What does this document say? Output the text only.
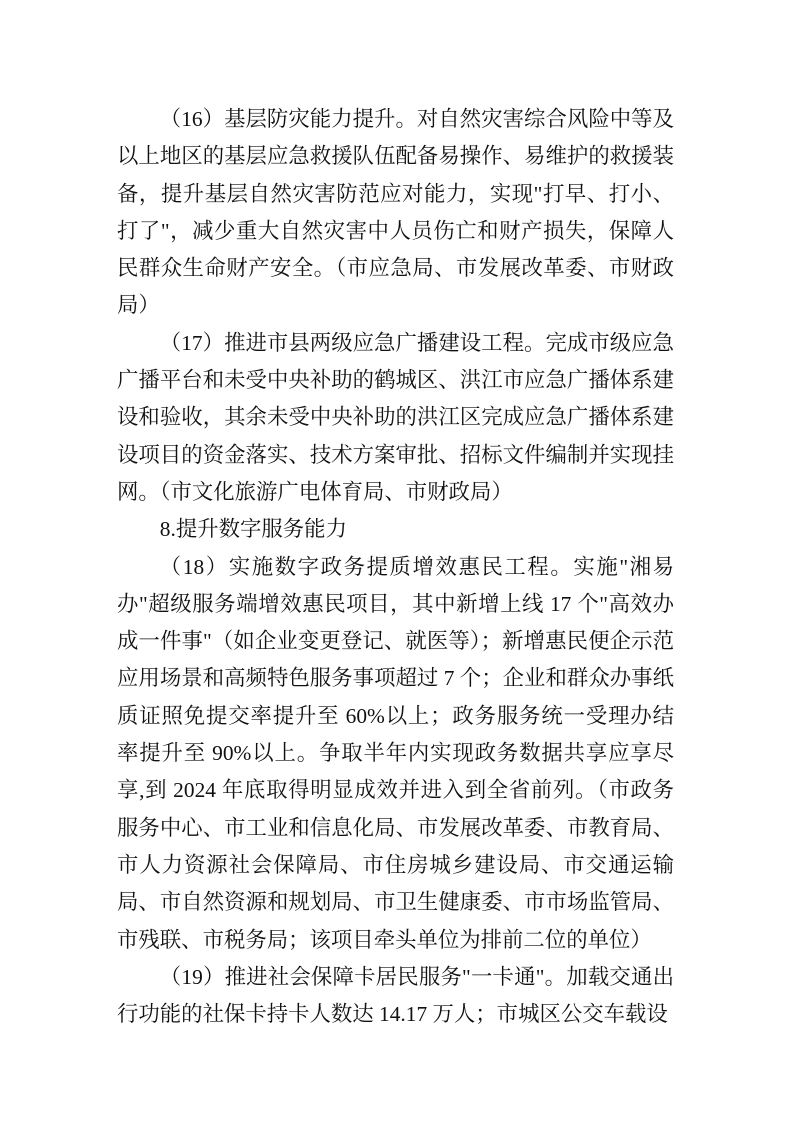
（16）基层防灾能力提升。对自然灾害综合风险中等及以上地区的基层应急救援队伍配备易操作、易维护的救援装备，提升基层自然灾害防范应对能力，实现"打早、打小、打了"，减少重大自然灾害中人员伤亡和财产损失，保障人民群众生命财产安全。（市应急局、市发展改革委、市财政局）

（17）推进市县两级应急广播建设工程。完成市级应急广播平台和未受中央补助的鹤城区、洪江市应急广播体系建设和验收，其余未受中央补助的洪江区完成应急广播体系建设项目的资金落实、技术方案审批、招标文件编制并实现挂网。（市文化旅游广电体育局、市财政局）

8.提升数字服务能力

（18）实施数字政务提质增效惠民工程。实施"湘易办"超级服务端增效惠民项目，其中新增上线 17 个"高效办成一件事"（如企业变更登记、就医等）；新增惠民便企示范应用场景和高频特色服务事项超过 7 个；企业和群众办事纸质证照免提交率提升至 60%以上；政务服务统一受理办结率提升至 90%以上。争取半年内实现政务数据共享应享尽享,到 2024 年底取得明显成效并进入到全省前列。（市政务服务中心、市工业和信息化局、市发展改革委、市教育局、市人力资源社会保障局、市住房城乡建设局、市交通运输局、市自然资源和规划局、市卫生健康委、市市场监管局、市残联、市税务局；该项目牵头单位为排前二位的单位）

（19）推进社会保障卡居民服务"一卡通"。加载交通出行功能的社保卡持卡人数达 14.17 万人；市城区公交车载设
